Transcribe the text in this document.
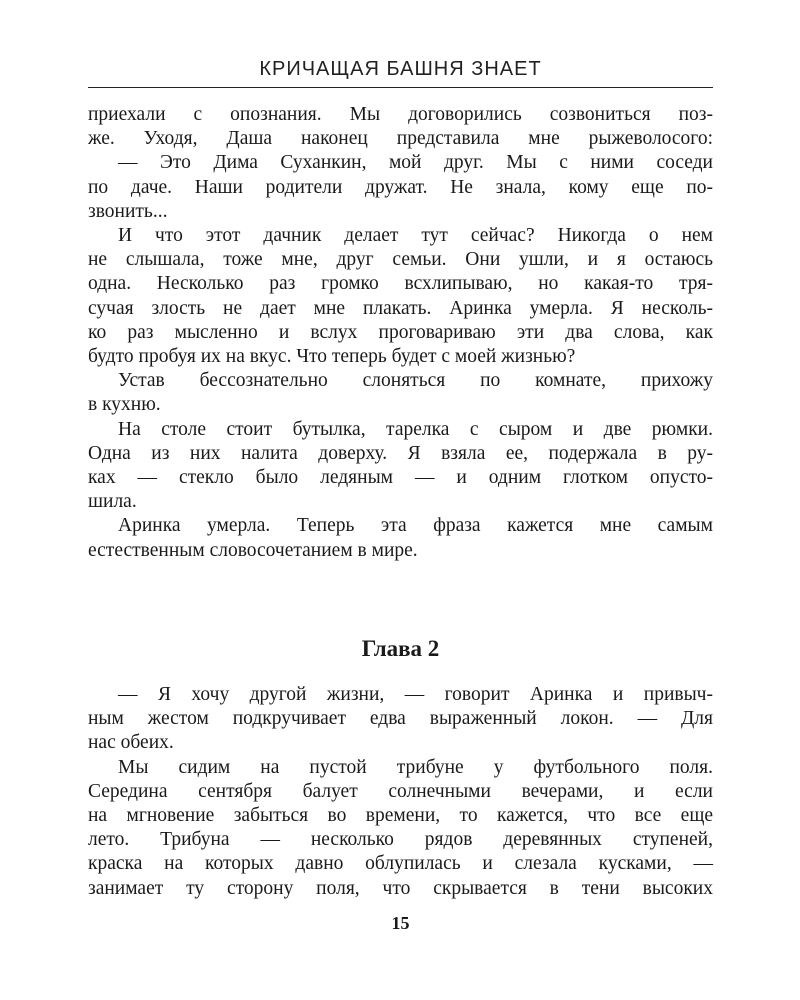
КРИЧАЩАЯ БАШНЯ ЗНАЕТ

приехали с опознания. Мы договорились созвониться поз-

же. Уходя, Даша наконец представила мне рыжеволосого:

— Это Дима Суханкин, мой друг. Мы с ними соседи

по даче. Наши родители дружат. Не знала, кому еще по-

звонить...

И что этот дачник делает тут сейчас? Никогда о нем

не слышала, тоже мне, друг семьи. Они ушли, и я остаюсь

одна. Несколько раз громко всхлипываю, но какая-то тря-

сучая злость не дает мне плакать. Аринка умерла. Я несколь-

ко раз мысленно и вслух проговариваю эти два слова, как

будто пробуя их на вкус. Что теперь будет с моей жизнью?

Устав бессознательно слоняться по комнате, прихожу

в кухню.

На столе стоит бутылка, тарелка с сыром и две рюмки.

Одна из них налита доверху. Я взяла ее, подержала в ру-

ках — стекло было ледяным — и одним глотком опусто-

шила.

Аринка умерла. Теперь эта фраза кажется мне самым

естественным словосочетанием в мире.

Глава 2

— Я хочу другой жизни, — говорит Аринка и привыч-

ным жестом подкручивает едва выраженный локон. — Для

нас обеих.

Мы сидим на пустой трибуне у футбольного поля.

Середина сентября балует солнечными вечерами, и если

на мгновение забыться во времени, то кажется, что все еще

лето. Трибуна — несколько рядов деревянных ступеней,

краска на которых давно облупилась и слезала кусками, —

занимает ту сторону поля, что скрывается в тени высоких

15
